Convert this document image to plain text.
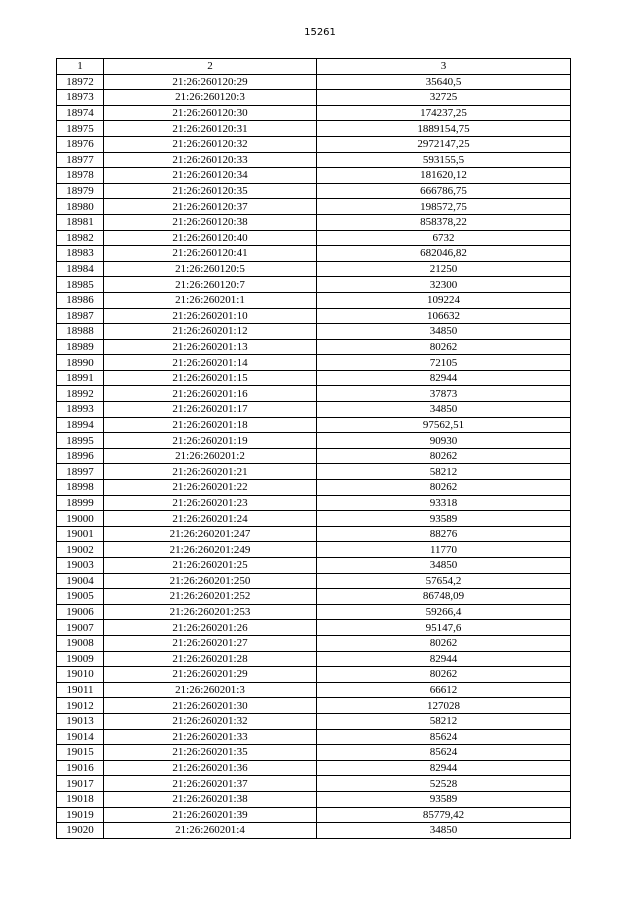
15261
1	2	3
18972	21:26:260120:29	35640,5
18973	21:26:260120:3	32725
18974	21:26:260120:30	174237,25
18975	21:26:260120:31	1889154,75
18976	21:26:260120:32	2972147,25
18977	21:26:260120:33	593155,5
18978	21:26:260120:34	181620,12
18979	21:26:260120:35	666786,75
18980	21:26:260120:37	198572,75
18981	21:26:260120:38	858378,22
18982	21:26:260120:40	6732
18983	21:26:260120:41	682046,82
18984	21:26:260120:5	21250
18985	21:26:260120:7	32300
18986	21:26:260201:1	109224
18987	21:26:260201:10	106632
18988	21:26:260201:12	34850
18989	21:26:260201:13	80262
18990	21:26:260201:14	72105
18991	21:26:260201:15	82944
18992	21:26:260201:16	37873
18993	21:26:260201:17	34850
18994	21:26:260201:18	97562,51
18995	21:26:260201:19	90930
18996	21:26:260201:2	80262
18997	21:26:260201:21	58212
18998	21:26:260201:22	80262
18999	21:26:260201:23	93318
19000	21:26:260201:24	93589
19001	21:26:260201:247	88276
19002	21:26:260201:249	11770
19003	21:26:260201:25	34850
19004	21:26:260201:250	57654,2
19005	21:26:260201:252	86748,09
19006	21:26:260201:253	59266,4
19007	21:26:260201:26	95147,6
19008	21:26:260201:27	80262
19009	21:26:260201:28	82944
19010	21:26:260201:29	80262
19011	21:26:260201:3	66612
19012	21:26:260201:30	127028
19013	21:26:260201:32	58212
19014	21:26:260201:33	85624
19015	21:26:260201:35	85624
19016	21:26:260201:36	82944
19017	21:26:260201:37	52528
19018	21:26:260201:38	93589
19019	21:26:260201:39	85779,42
19020	21:26:260201:4	34850
